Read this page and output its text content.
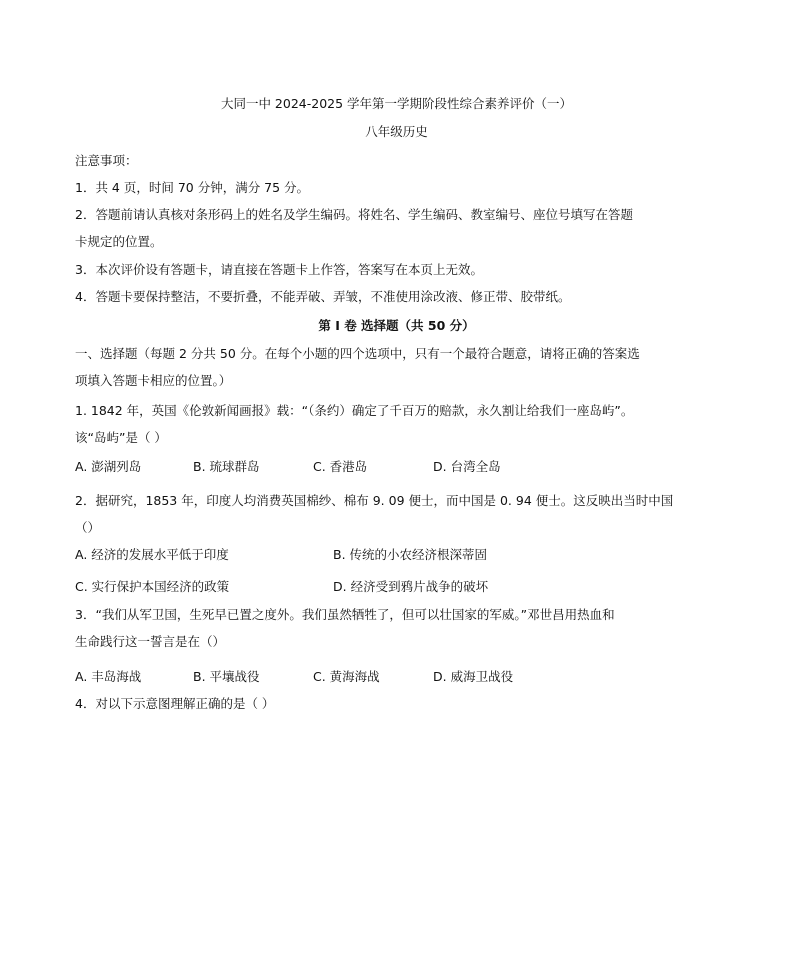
大同一中 2024-2025 学年第一学期阶段性综合素养评价（一）
八年级历史
注意事项：
1．共 4 页，时间 70 分钟，满分 75 分。
2．答题前请认真核对条形码上的姓名及学生编码。将姓名、学生编码、教室编号、座位号填写在答题
卡规定的位置。
3．本次评价设有答题卡，请直接在答题卡上作答，答案写在本页上无效。
4．答题卡要保持整洁，不要折叠，不能弄破、弄皱，不准使用涂改液、修正带、胶带纸。
第 I 卷 选择题（共 50 分）
一、选择题（每题 2 分共 50 分。在每个小题的四个选项中，只有一个最符合题意，请将正确的答案选
项填入答题卡相应的位置。）
1. 1842 年，英国《伦敦新闻画报》载：“（条约）确定了千百万的赔款，永久割让给我们一座岛屿”。
该“岛屿”是（ ）
A. 澎湖列岛	B. 琉球群岛	C. 香港岛	D. 台湾全岛
2．据研究，1853 年，印度人均消费英国棉纱、棉布 9. 09 便士，而中国是 0. 94 便士。这反映出当时中国
（）
A. 经济的发展水平低于印度	B. 传统的小农经济根深蒂固
C. 实行保护本国经济的政策	D. 经济受到鸦片战争的破坏
3．“我们从军卫国，生死早已置之度外。我们虽然牺牲了，但可以壮国家的军威。”邓世昌用热血和
生命践行这一誓言是在（）
A. 丰岛海战	B. 平壤战役	C. 黄海海战	D. 威海卫战役
4．对以下示意图理解正确的是（ ）
